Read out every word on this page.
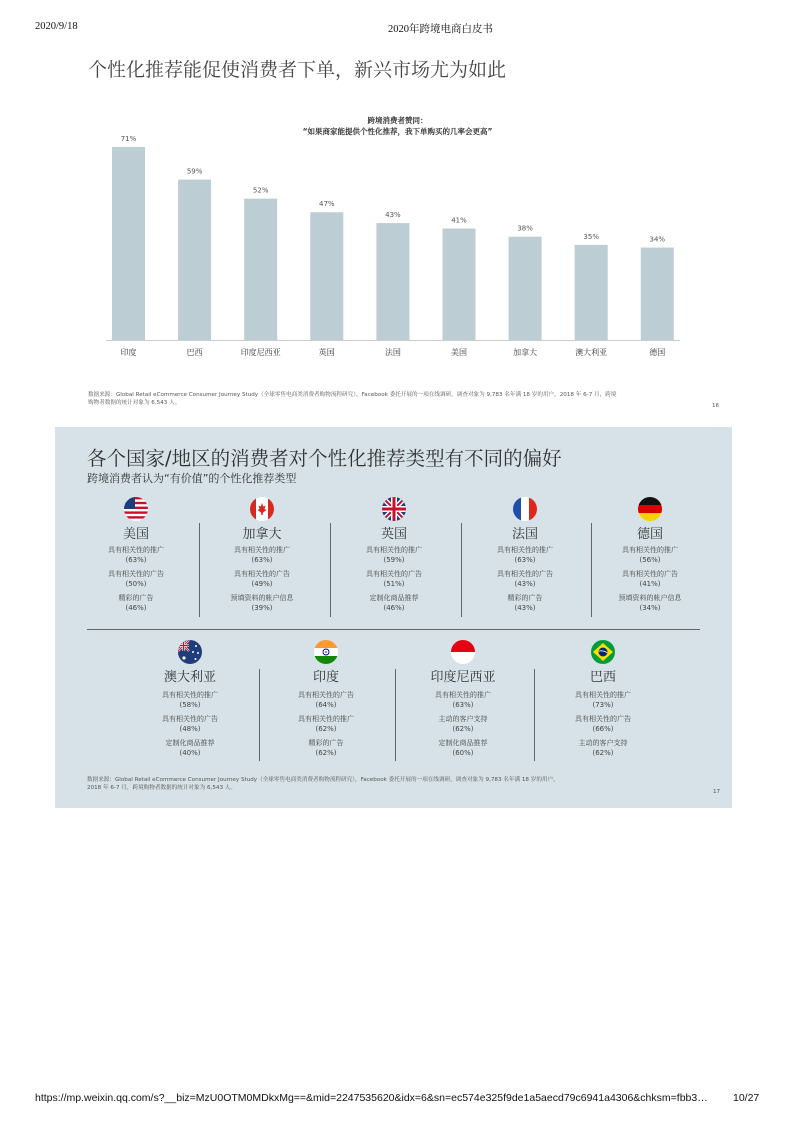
2020/9/18	2020年跨境电商白皮书
https://mp.weixin.qq.com/s?__biz=MzU0OTM0MDkxMg==&mid=2247535620&idx=6&sn=ec574e325f9de1a5aecd79c6941a4306&chksm=fbb3…	10/27
个性化推荐能促使消费者下单，新兴市场尤为如此
跨境消费者赞同：
“如果商家能提供个性化推荐，我下单购买的几率会更高”
71%
印度
59%
巴西
52%
印度尼西亚
47%
英国
43%
法国
41%
美国
38%
加拿大
35%
澳大利亚
34%
德国
数据来源：Global Retail eCommerce Consumer Journey Study（全球零售电商类消费者购物流程研究），Facebook 委托开展的一项在线调研，调查对象为 9,783 名年满 18 岁的用户，2018 年 6-7 月，跨境
购物者数据的统计对象为 6,543 人。	16
各个国家/地区的消费者对个性化推荐类型有不同的偏好
跨境消费者认为“有价值”的个性化推荐类型
美国
具有相关性的推广
(63%)
具有相关性的广告
(50%)
精彩的广告
(46%)
加拿大
具有相关性的推广
(63%)
具有相关性的广告
(49%)
预填资料的帐户信息
(39%)
英国
具有相关性的推广
(59%)
具有相关性的广告
(51%)
定制化商品推荐
(46%)
法国
具有相关性的推广
(63%)
具有相关性的广告
(43%)
精彩的广告
(43%)
德国
具有相关性的推广
(56%)
具有相关性的广告
(41%)
预填资料的帐户信息
(34%)
澳大利亚
具有相关性的推广
(58%)
具有相关性的广告
(48%)
定制化商品推荐
(40%)
印度
具有相关性的广告
(64%)
具有相关性的推广
(62%)
精彩的广告
(62%)
印度尼西亚
具有相关性的推广
(63%)
主动的客户支持
(62%)
定制化商品推荐
(60%)
巴西
具有相关性的推广
(73%)
具有相关性的广告
(66%)
主动的客户支持
(62%)
数据来源：Global Retail eCommerce Consumer Journey Study（全球零售电商类消费者购物流程研究），Facebook 委托开展的一项在线调研，调查对象为 9,783 名年满 18 岁的用户，
2018 年 6-7 月，跨境购物者数据的统计对象为 6,543 人。
17
